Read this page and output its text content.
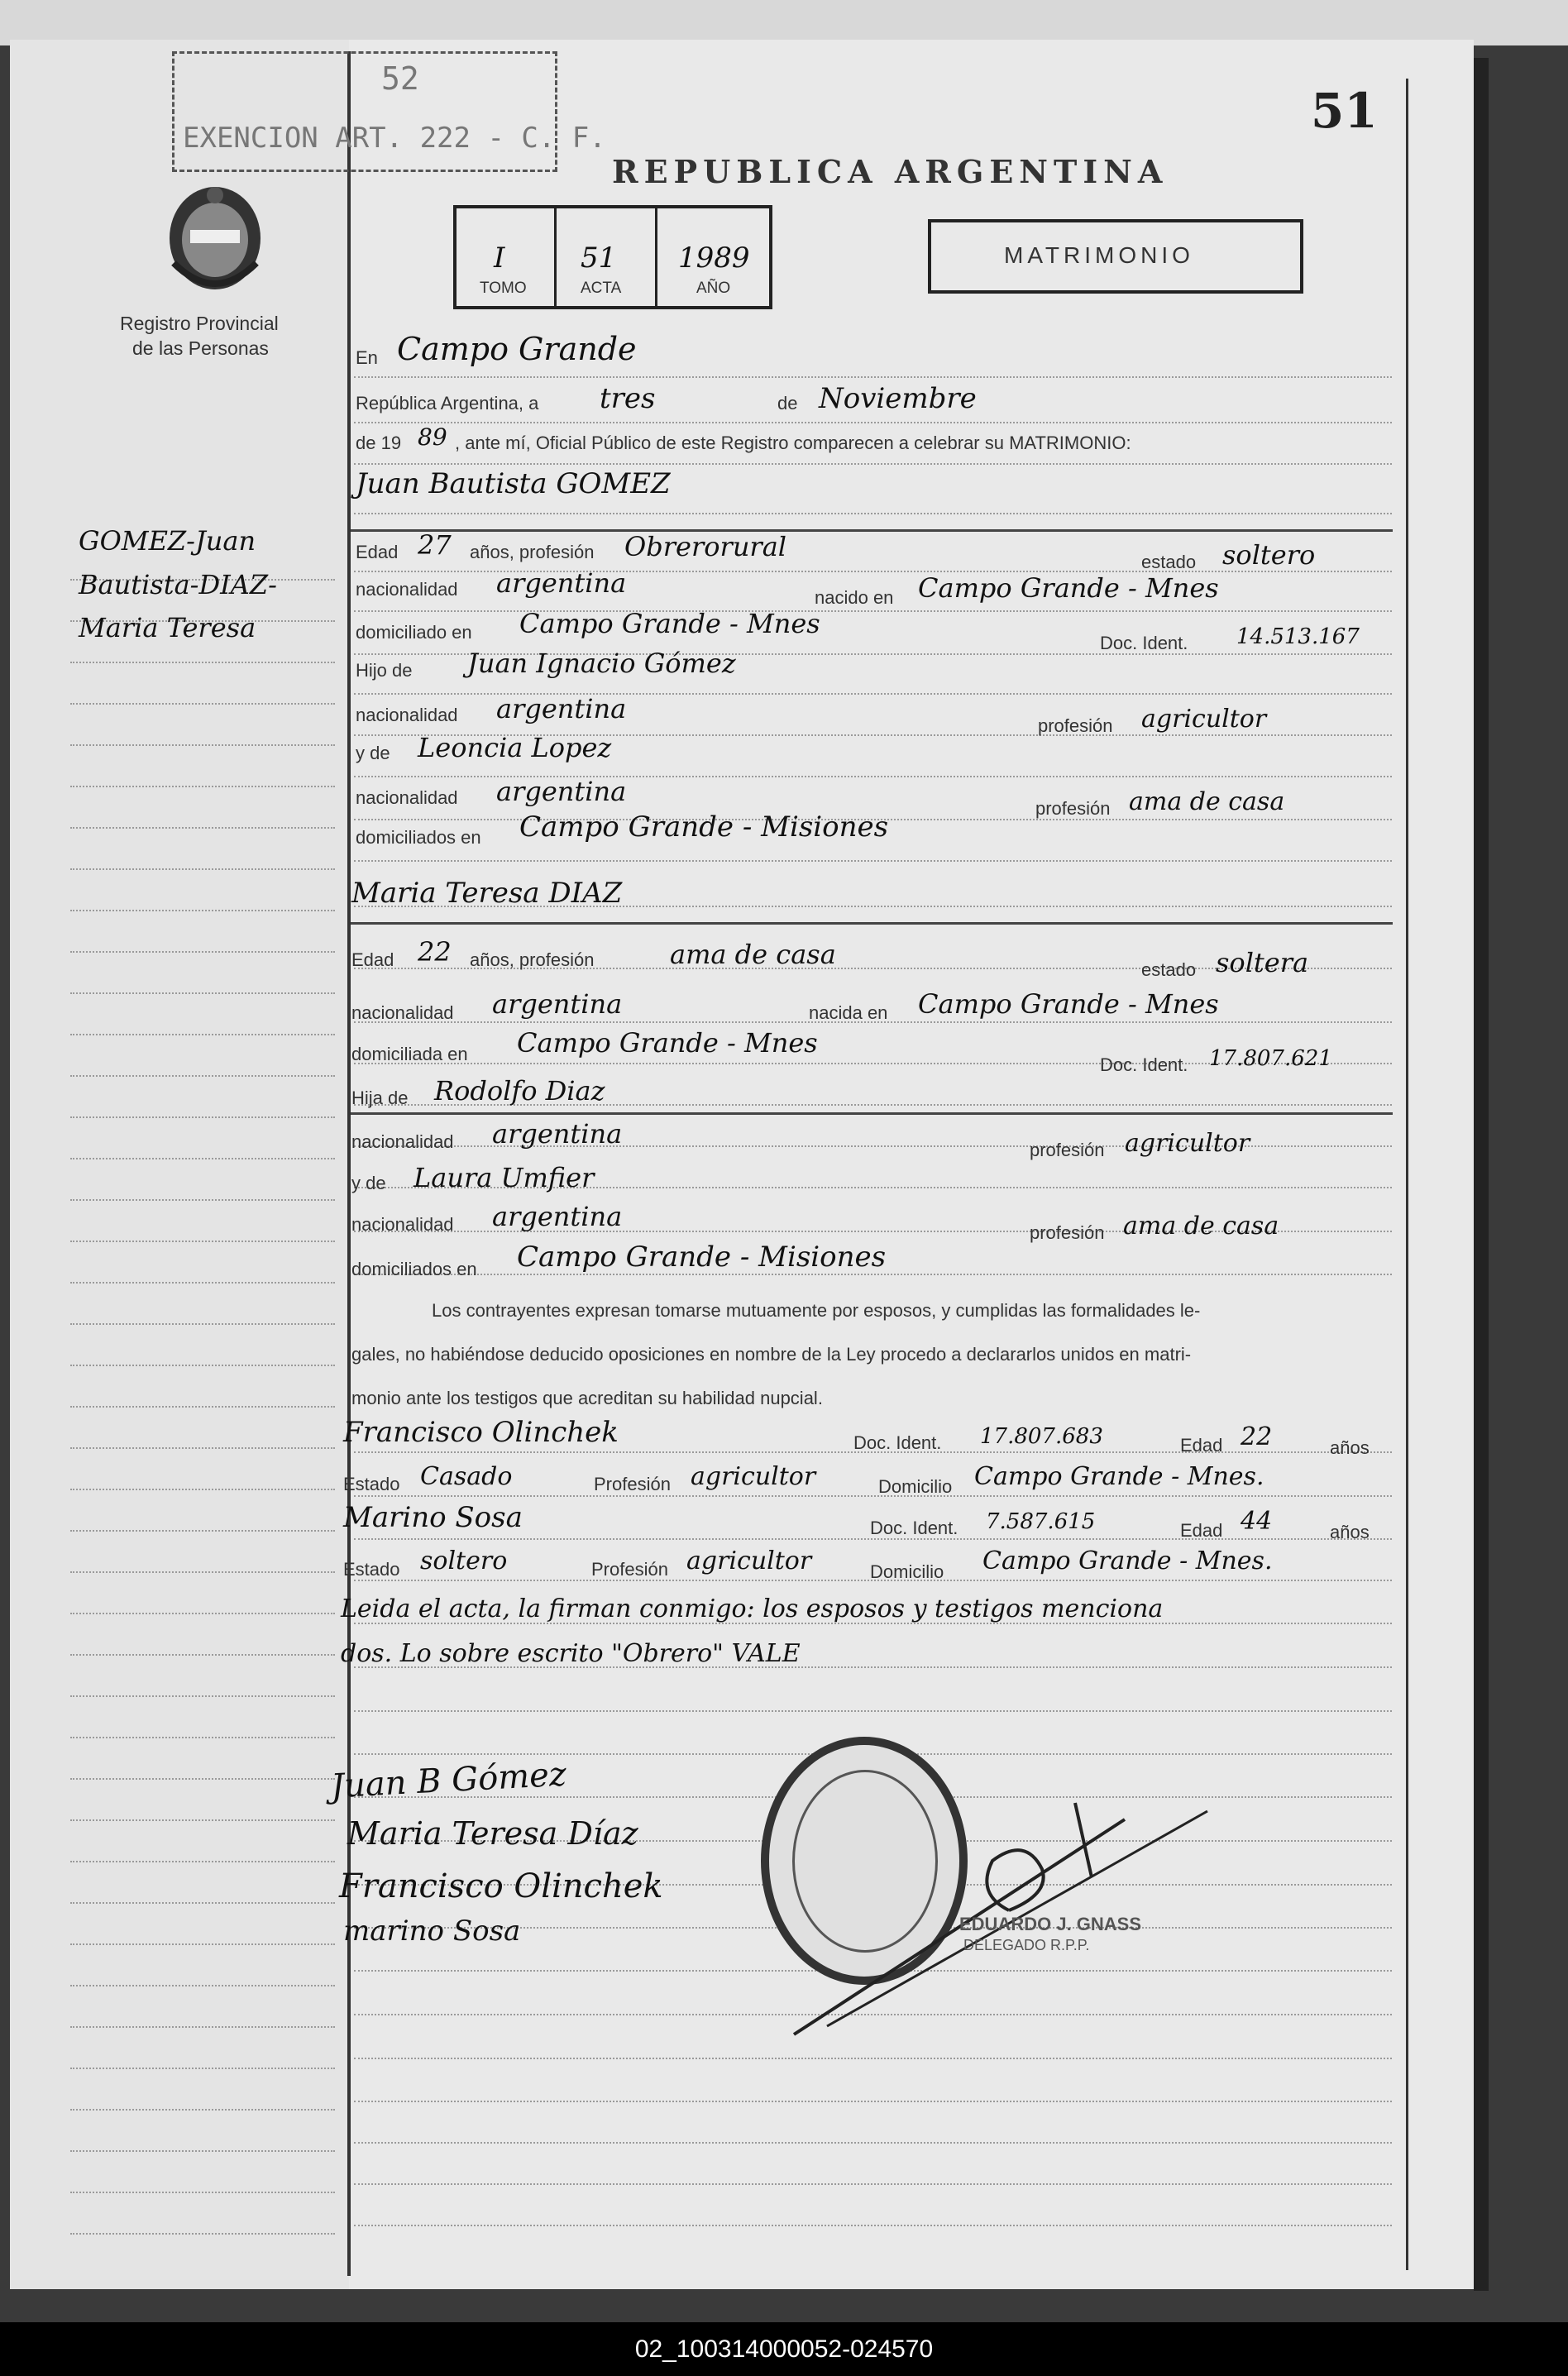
52
EXENCION ART. 222 - C. F.	51
Registro Provincial
de las Personas
REPUBLICA ARGENTINA
I	51 1989
TOMO	ACTA	AÑO
MATRIMONIO
GOMEZ-Juan
Bautista-DIAZ-
Maria Teresa
En Campo Grande
República Argentina, a tres	de Noviembre
de 19 89 , ante mí, Oficial Público de este Registro comparecen a celebrar su MATRIMONIO:
Juan Bautista GOMEZ
Edad 27 años, profesión Obrerorural	estado soltero
nacionalidad argentina	nacido en Campo Grande - Mnes
domiciliado en Campo Grande - Mnes
Doc. Ident. 14.513.167
Hijo de Juan Ignacio Gómez
nacionalidad argentina
profesión agricultor
y de Leoncia Lopez
nacionalidad argentina
profesión ama de casa
domiciliados en Campo Grande - Misiones
Maria Teresa DIAZ
Edad 22 años, profesión	ama de casa	estado soltera
nacionalidad argentina	nacida en Campo Grande - Mnes
domiciliada en Campo Grande - Mnes
Doc. Ident. 17.807.621
Hija de Rodolfo Diaz
nacionalidad argentina
profesión agricultor
y de Laura Umfier
nacionalidad argentina
profesión ama de casa
domiciliados en Campo Grande - Misiones
Los contrayentes expresan tomarse mutuamente por esposos, y cumplidas las formalidades le-
gales, no habiéndose deducido oposiciones en nombre de la Ley procedo a declararlos unidos en matri-
monio ante los testigos que acreditan su habilidad nupcial.
Francisco Olinchek	Doc. Ident. 17.807.683	Edad 22	años
Estado Casado	Profesión agricultor	Domicilio Campo Grande - Mnes.
Marino Sosa	Doc. Ident. 7.587.615	Edad 44	años
Estado soltero	Profesión agricultor	Domicilio Campo Grande - Mnes.
Leida el acta, la firman conmigo: los esposos y testigos menciona
dos. Lo sobre escrito "Obrero" VALE
Juan B Gómez
Maria Teresa Díaz
Francisco Olinchek
marino Sosa	EDUARDO J. GNASS
DELEGADO R.P.P.
02_100314000052-024570
